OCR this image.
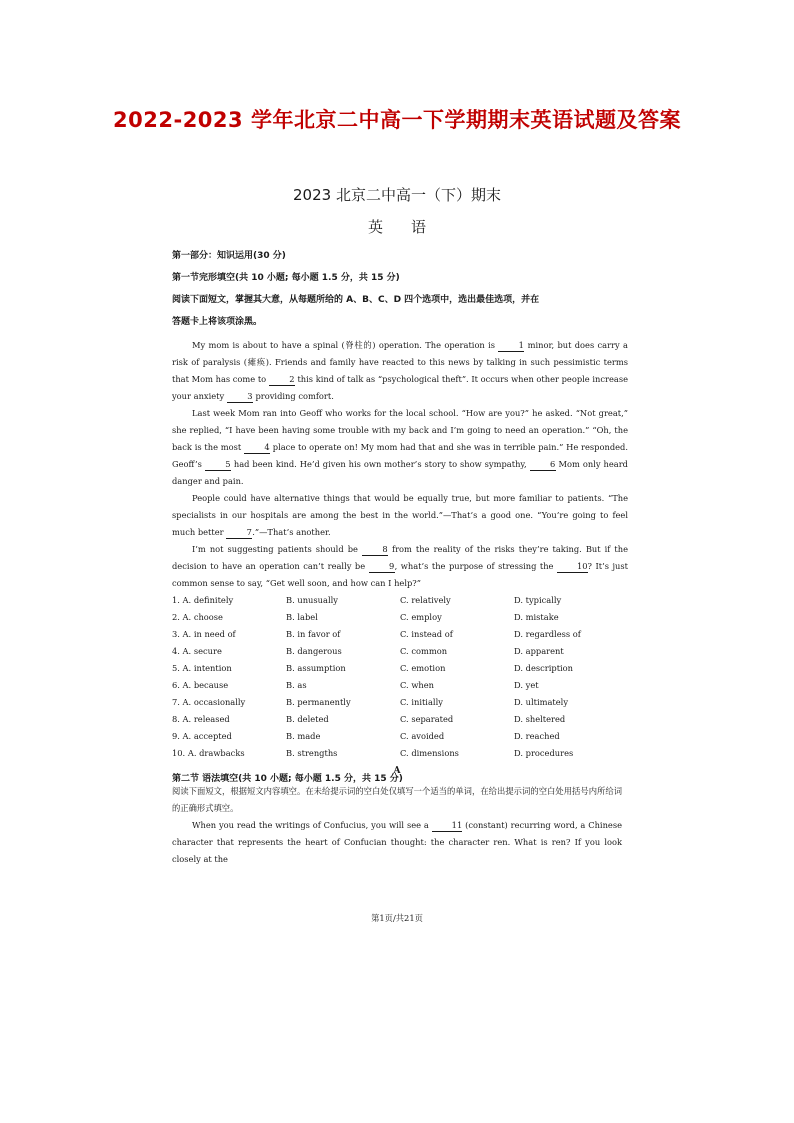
2022-2023 学年北京二中高一下学期期末英语试题及答案
2023 北京二中高一（下）期末
英语

第一部分：知识运用(30 分)

第一节完形填空(共 10 小题; 每小题 1.5 分，共 15 分)

阅读下面短文，掌握其大意，从每题所给的 A、B、C、D 四个选项中，选出最佳选项，并在

答题卡上将该项涂黑。

My mom is about to have a spinal (脊柱的) operation. The operation is 1 minor, but does carry a risk of paralysis (瘫痪). Friends and family have reacted to this news by talking in such pessimistic terms that Mom has come to 2 this kind of talk as “psychological theft”. It occurs when other people increase your anxiety 3 providing comfort.

Last week Mom ran into Geoff who works for the local school. “How are you?” he asked. “Not great,” she replied, “I have been having some trouble with my back and I’m going to need an operation.” “Oh, the back is the most 4 place to operate on! My mom had that and she was in terrible pain.” He responded. Geoff’s 5 had been kind. He’d given his own mother’s story to show sympathy, 6 Mom only heard danger and pain.

People could have alternative things that would be equally true, but more familiar to patients. “The specialists in our hospitals are among the best in the world.”—That’s a good one. “You’re going to feel much better 7.”—That’s another.

I’m not suggesting patients should be 8 from the reality of the risks they’re taking. But if the decision to have an operation can’t really be 9, what’s the purpose of stressing the 10? It’s just common sense to say, “Get well soon, and how can I help?”

1. A. definitely	B. unusually	C. relatively	D. typically
2. A. choose	B. label	C. employ	D. mistake
3. A. in need of	B. in favor of	C. instead of	D. regardless of
4. A. secure	B. dangerous	C. common	D. apparent
5. A. intention	B. assumption	C. emotion	D. description
6. A. because	B. as	C. when	D. yet
7. A. occasionally	B. permanently	C. initially	D. ultimately
8. A. released	B. deleted	C. separated	D. sheltered
9. A. accepted	B. made	C. avoided	D. reached
10. A. drawbacks	B. strengths	C. dimensions	D. procedures

第二节 语法填空(共 10 小题; 每小题 1.5 分，共 15 分)

A

阅读下面短文，根据短文内容填空。在未给提示词的空白处仅填写一个适当的单词，在给出提示词的空白处用括号内所给词的正确形式填空。

When you read the writings of Confucius, you will see a 11 (constant) recurring word, a Chinese character that represents the heart of Confucian thought: the character ren. What is ren? If you look closely at the

第1页/共21页
